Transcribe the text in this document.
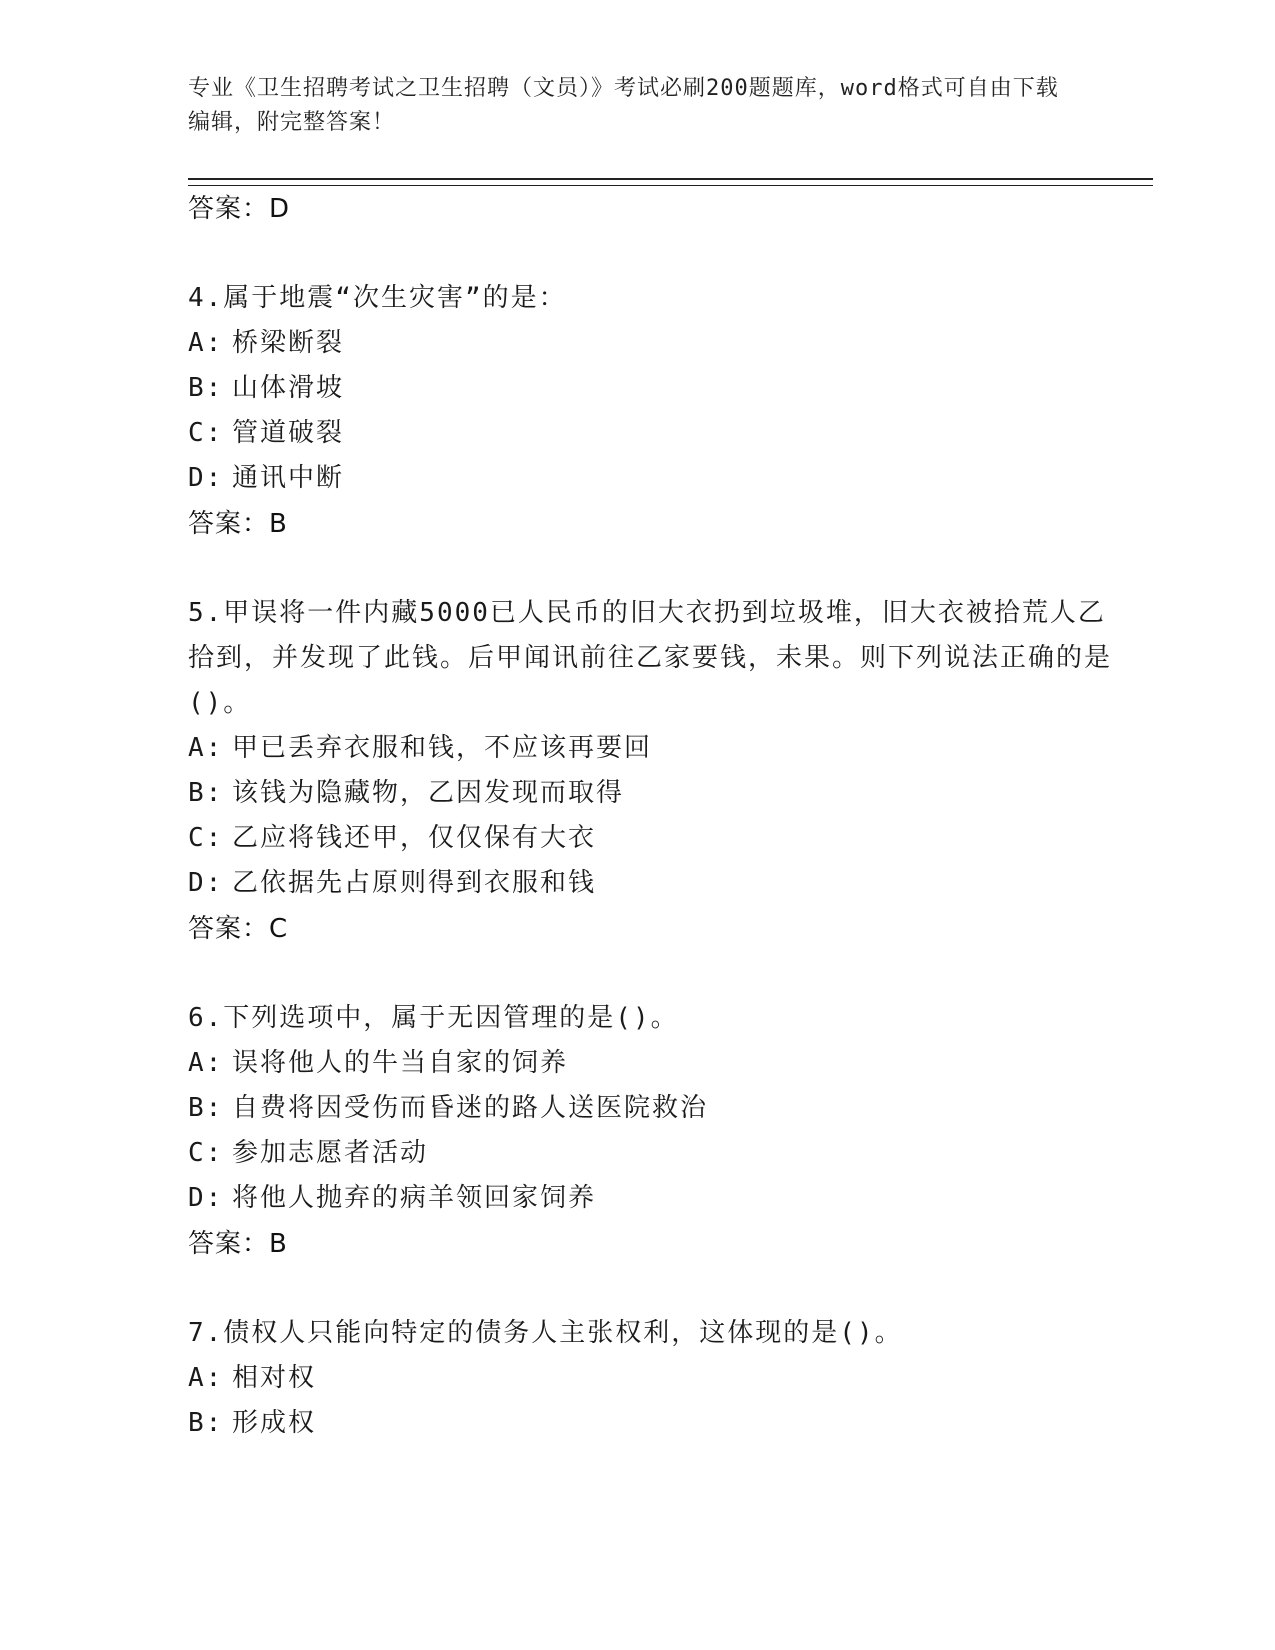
专业《卫生招聘考试之卫生招聘（文员）》考试必刷200题题库，word格式可自由下载编辑，附完整答案！
答案：D
4.属于地震“次生灾害”的是：
A: 桥梁断裂
B: 山体滑坡
C: 管道破裂
D: 通讯中断
答案：B
5.甲误将一件内藏5000已人民币的旧大衣扔到垃圾堆，旧大衣被拾荒人乙拾到，并发现了此钱。后甲闻讯前往乙家要钱，未果。则下列说法正确的是()。
A: 甲已丢弃衣服和钱，不应该再要回
B: 该钱为隐藏物，乙因发现而取得
C: 乙应将钱还甲，仅仅保有大衣
D: 乙依据先占原则得到衣服和钱
答案：C
6.下列选项中，属于无因管理的是()。
A: 误将他人的牛当自家的饲养
B: 自费将因受伤而昏迷的路人送医院救治
C: 参加志愿者活动
D: 将他人抛弃的病羊领回家饲养
答案：B
7.债权人只能向特定的债务人主张权利，这体现的是()。
A: 相对权
B: 形成权
